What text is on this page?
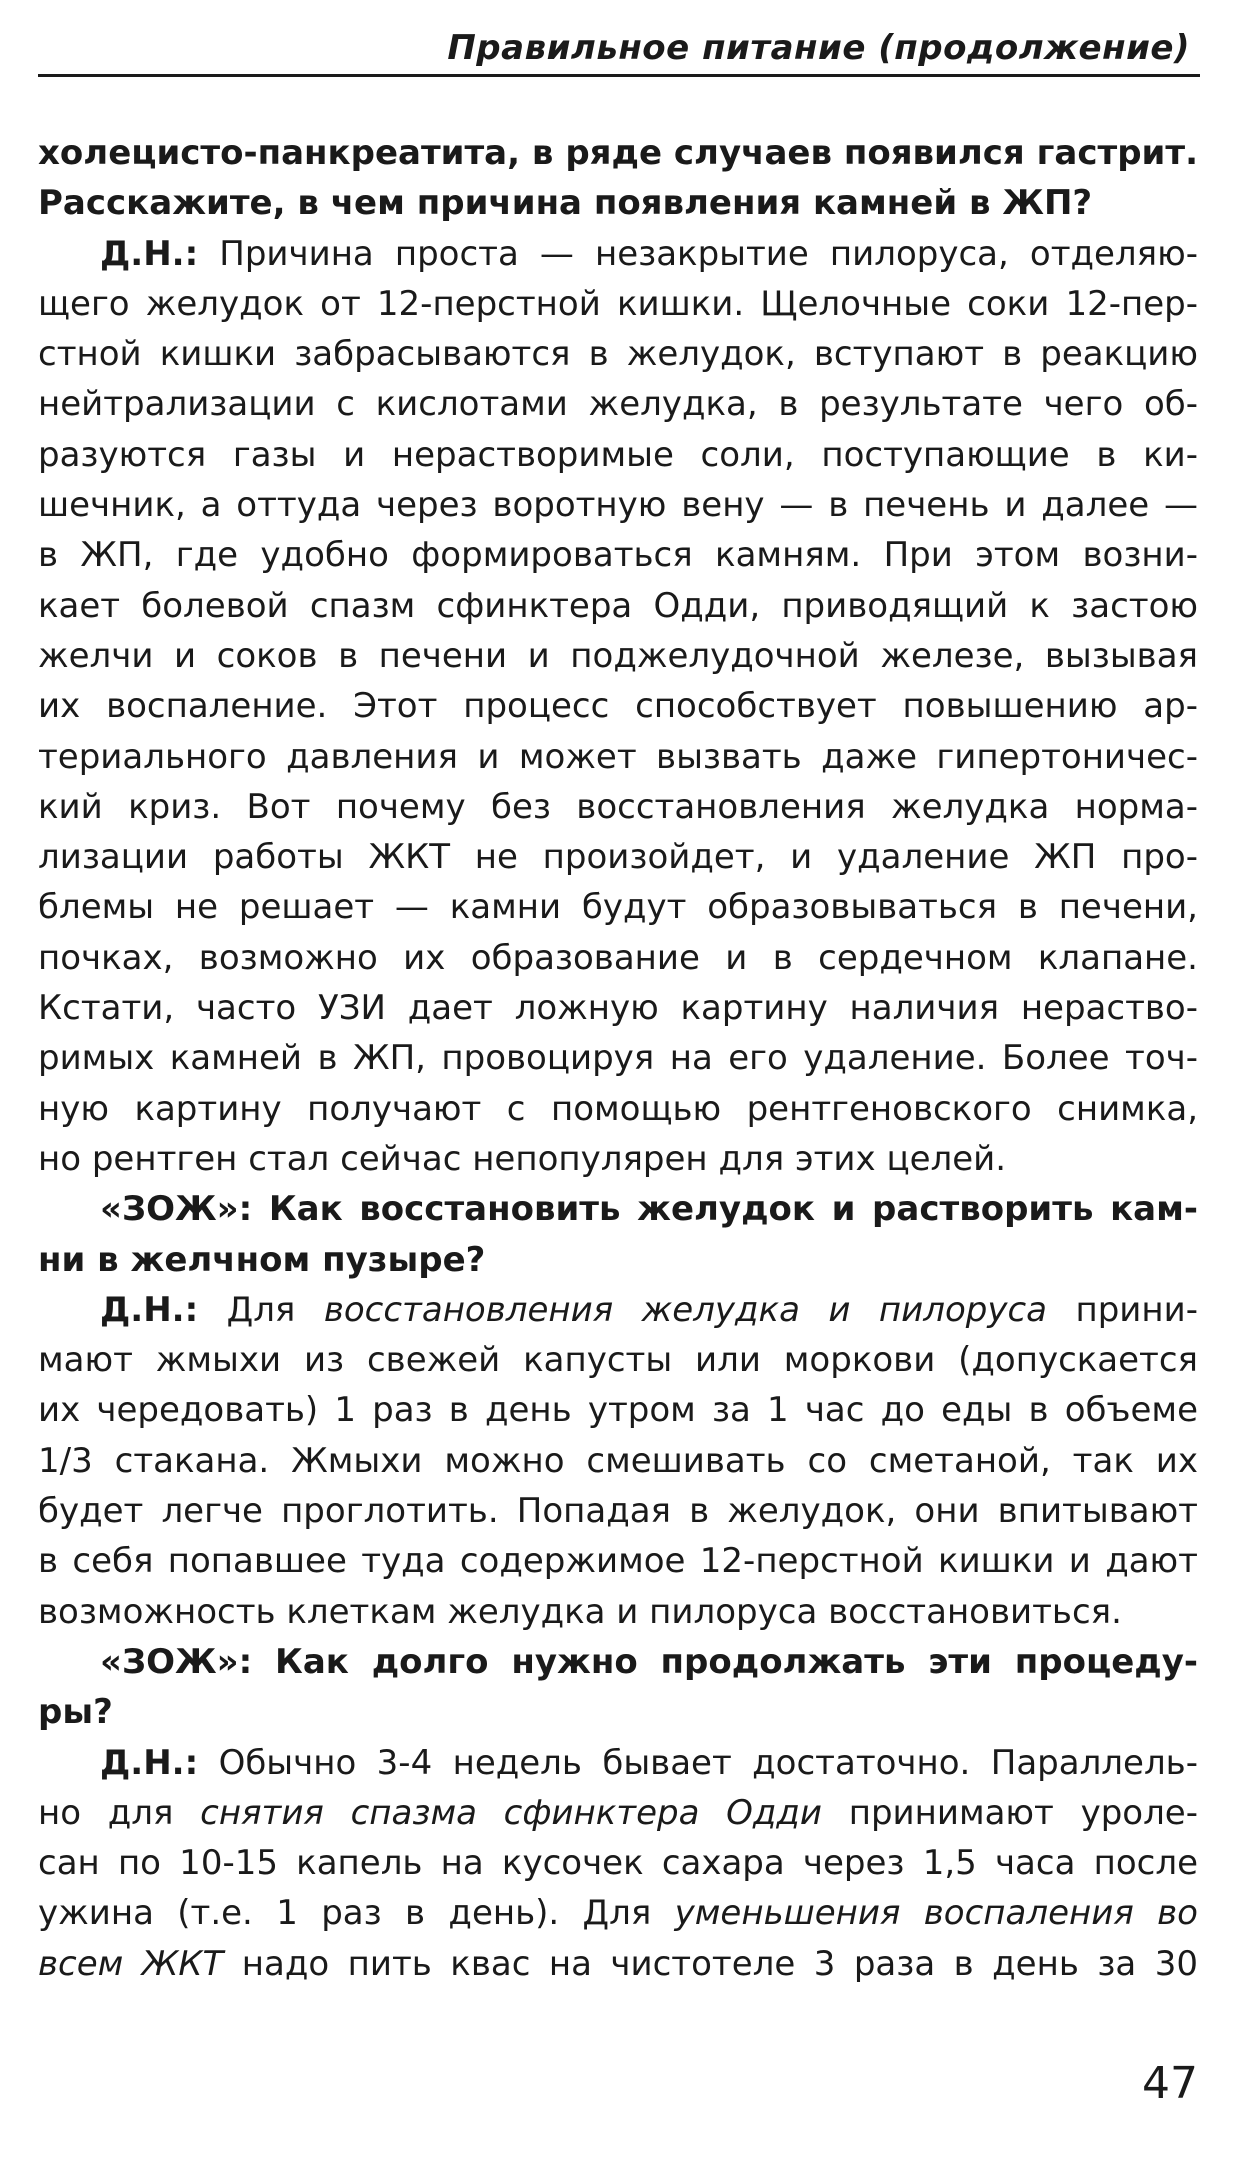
Правильное питание (продолжение)
холецисто-панкреатита, в ряде случаев появился гастрит.
Расскажите, в чем причина появления камней в ЖП?
Д.Н.: Причина проста — незакрытие пилоруса, отделяю-
щего желудок от 12-перстной кишки. Щелочные соки 12-пер-
стной кишки забрасываются в желудок, вступают в реакцию
нейтрализации с кислотами желудка, в результате чего об-
разуются газы и нерастворимые соли, поступающие в ки-
шечник, а оттуда через воротную вену — в печень и далее —
в ЖП, где удобно формироваться камням. При этом возни-
кает болевой спазм сфинктера Одди, приводящий к застою
желчи и соков в печени и поджелудочной железе, вызывая
их воспаление. Этот процесс способствует повышению ар-
териального давления и может вызвать даже гипертоничес-
кий криз. Вот почему без восстановления желудка норма-
лизации работы ЖКТ не произойдет, и удаление ЖП про-
блемы не решает — камни будут образовываться в печени,
почках, возможно их образование и в сердечном клапане.
Кстати, часто УЗИ дает ложную картину наличия нераство-
римых камней в ЖП, провоцируя на его удаление. Более точ-
ную картину получают с помощью рентгеновского снимка,
но рентген стал сейчас непопулярен для этих целей.
«ЗОЖ»: Как восстановить желудок и растворить кам-
ни в желчном пузыре?
Д.Н.: Для восстановления желудка и пилоруса прини-
мают жмыхи из свежей капусты или моркови (допускается
их чередовать) 1 раз в день утром за 1 час до еды в объеме
1/3 стакана. Жмыхи можно смешивать со сметаной, так их
будет легче проглотить. Попадая в желудок, они впитывают
в себя попавшее туда содержимое 12-перстной кишки и дают
возможность клеткам желудка и пилоруса восстановиться.
«ЗОЖ»: Как долго нужно продолжать эти процеду-
ры?
Д.Н.: Обычно 3-4 недель бывает достаточно. Параллель-
но для снятия спазма сфинктера Одди принимают уроле-
сан по 10-15 капель на кусочек сахара через 1,5 часа после
ужина (т.е. 1 раз в день). Для уменьшения воспаления во
всем ЖКТ надо пить квас на чистотеле 3 раза в день за 30
47
